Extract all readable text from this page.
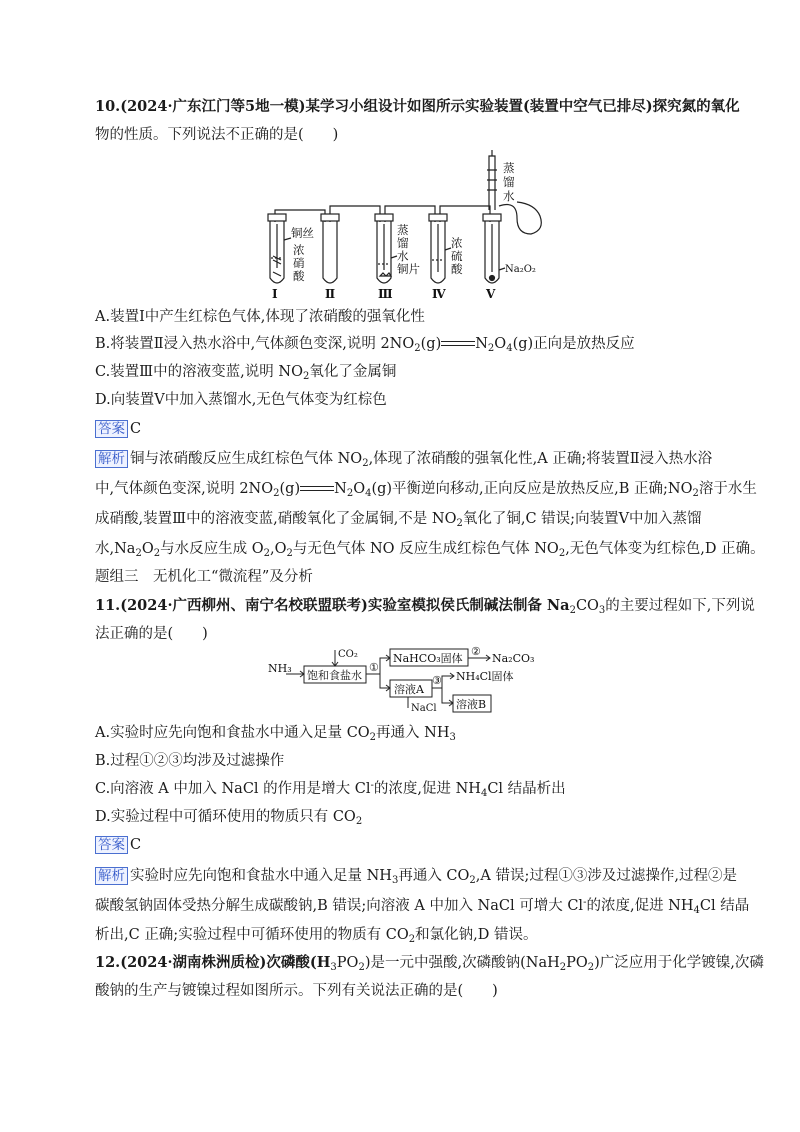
10.(2024·广东江门等5地一模)某学习小组设计如图所示实验装置(装置中空气已排尽)探究氮的氧化
物的性质。下列说法不正确的是(　　)
铜丝
浓
硝
酸
蒸
馏
水
铜片
浓
硫
酸
蒸
馏
水
Na₂O₂
Ⅰ	Ⅱ	Ⅲ	Ⅳ	Ⅴ
A.装置Ⅰ中产生红棕色气体,体现了浓硝酸的强氧化性
B.将装置Ⅱ浸入热水浴中,气体颜色变深,说明 $2NO_2(g)$ $N_2O_4(g)$正向是放热反应
C.装置Ⅲ中的溶液变蓝,说明 $NO_2$氧化了金属铜
D.向装置Ⅴ中加入蒸馏水,无色气体变为红棕色
答案 C
解析 铜与浓硝酸反应生成红棕色气体 $NO_2$,体现了浓硝酸的强氧化性,A 正确;将装置Ⅱ浸入热水浴
中,气体颜色变深,说明 $2NO_2(g)$ $N_2O_4(g)$平衡逆向移动,正向反应是放热反应,B 正确$;NO_2$溶于水生
成硝酸,装置Ⅲ中的溶液变蓝,硝酸氧化了金属铜,不是 $NO_2$氧化了铜,C 错误;向装置Ⅴ中加入蒸馏
水$,Na_2O_2$与水反应生成 $O_2,O_2$与无色气体 NO 反应生成红棕色气体 $NO_2$,无色气体变为红棕色,D 正确。
题组三　无机化工“微流程”及分析
11.(2024·广西柳州、南宁名校联盟联考)实验室模拟侯氏制碱法制备 $Na_2CO_3$的主要过程如下,下列说
法正确的是(　　)
NH₃
CO₂
饱和食盐水
①
NaHCO₃固体
②
Na₂CO₃
溶液A
③ NH₄Cl固体
NaCl 溶液B
A.实验时应先向饱和食盐水中通入足量 $CO_2$再通入 $NH_3$
B.过程①②③均涉及过滤操作
C.向溶液 A 中加入 NaCl 的作用是增大 Cl-的浓度,促进 $NH_4Cl$ 结晶析出
D.实验过程中可循环使用的物质只有 $CO_2$
答案 C
解析 实验时应先向饱和食盐水中通入足量 $NH_3$再通入 $CO_2,A$ 错误;过程①③涉及过滤操作,过程②是
碳酸氢钠固体受热分解生成碳酸钠,B 错误;向溶液 A 中加入 NaCl 可增大 Cl-的浓度,促进 $NH_4Cl$ 结晶
析出,C 正确;实验过程中可循环使用的物质有 $CO_2$和氯化钠,D 错误。
12.(2024·湖南株洲质检)次磷酸$(H_3PO_2)$是一元中强酸,次磷酸钠$(NaH_2PO_2)$广泛应用于化学镀镍,次磷
酸钠的生产与镀镍过程如图所示。下列有关说法正确的是(　　)
